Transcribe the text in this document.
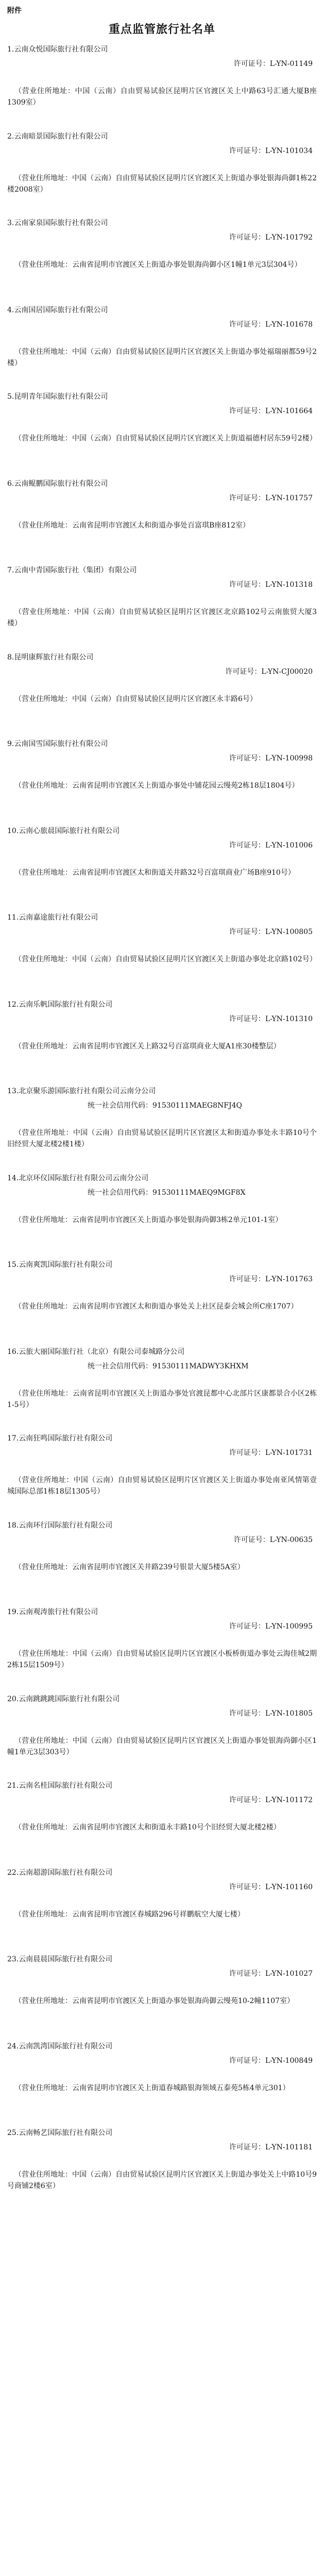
附件

重点监管旅行社名单

1.云南众悦国际旅行社有限公司

许可证号：L-YN-01149

（营业住所地址：中国（云南）自由贸易试验区昆明片区官渡区关上中路63号汇通大厦B座1309室）

2.云南暗景国际旅行社有限公司

许可证号：L-YN-101034

（营业住所地址：中国（云南）自由贸易试验区昆明片区官渡区关上街道办事处银海尚御1栋22楼2008室）

3.云南家泉国际旅行社有限公司

许可证号：L-YN-101792

（营业住所地址：云南省昆明市官渡区关上街道办事处银海尚御小区1幢1单元3层304号）

4.云南国居国际旅行社有限公司

许可证号：L-YN-101678

（营业住所地址：中国（云南）自由贸易试验区昆明片区官渡区关上街道办事处福瑞丽都59号2楼）

5.昆明青年国际旅行社有限公司

许可证号：L-YN-101664

（营业住所地址：中国（云南）自由贸易试验区昆明片区官渡区关上街道福德村居东59号2楼）

6.云南鲲鹏国际旅行社有限公司

许可证号：L-YN-101757

（营业住所地址：云南省昆明市官渡区太和街道办事处百富琪B座812室）

7.云南中青国际旅行社（集团）有限公司

许可证号：L-YN-101318

（营业住所地址：中国（云南）自由贸易试验区昆明片区官渡区北京路102号云南旅贸大厦3楼）

8.昆明康辉旅行社有限公司

许可证号：L-YN-CJ00020

（营业住所地址：中国（云南）自由贸易试验区昆明片区官渡区永丰路6号）

9.云南国雪国际旅行社有限公司

许可证号：L-YN-100998

（营业住所地址：云南省昆明市官渡区关上街道办事处中铺花园云缦苑2栋18层1804号）

10.云南心旅晨国际旅行社有限公司

许可证号：L-YN-101006

（营业住所地址：云南省昆明市官渡区太和街道关井路32号百富琪商业广场B座910号）

11.云南嘉途旅行社有限公司

许可证号：L-YN-100805

（营业住所地址：中国（云南）自由贸易试验区昆明片区官渡区关上街道办事处北京路102号）

12.云南乐帆国际旅行社有限公司

许可证号：L-YN-101310

（营业住所地址：云南省昆明市官渡区关上路32号百富琪商业大厦A1座30楼整层）

13.北京聚乐游国际旅行社有限公司云南分公司

统一社会信用代码：91530111MAEG8NFJ4Q

（营业住所地址：中国（云南）自由贸易试验区昆明片区官渡区太和街道办事处永丰路10号个旧经贸大厦北楼2楼1楼）

14.北京环仪国际旅行社有限公司云南分公司

统一社会信用代码：91530111MAEQ9MGF8X

（营业住所地址：云南省昆明市官渡区关上街道办事处银海尚御3栋2单元101-1室）

15.云南爽凯国际旅行社有限公司

许可证号：L-YN-101763

（营业住所地址：云南省昆明市官渡区太和街道办事处关上社区昆泰会城会所C座1707）

16.云旅大丽国际旅行社（北京）有限公司泰城路分公司

统一社会信用代码：91530111MADWY3KHXM

（营业住所地址：云南省昆明市官渡区关上街道办事处官渡昆都中心北部片区康都景合小区2栋1-5号）

17.云南狂鸣国际旅行社有限公司

许可证号：L-YN-101731

（营业住所地址：中国（云南）自由贸易试验区昆明片区官渡区关上街道办事处南亚风情第壹城国际总部1栋18层1305号）

18.云南环行国际旅行社有限公司

许可证号：L-YN-00635

（营业住所地址：云南省昆明市官渡区关井路239号银景大厦5楼5A室）

19.云南观涛旅行社有限公司

许可证号：L-YN-100995

（营业住所地址：中国（云南）自由贸易试验区昆明片区官渡区小板桥街道办事处云海佳城2期2栋15层1509号）

20.云南跳跳跳国际旅行社有限公司

许可证号：L-YN-101805

（营业住所地址：中国（云南）自由贸易试验区昆明片区官渡区关上街道办事处银海尚御小区1幢1单元3层303号）

21.云南名桂国际旅行社有限公司

许可证号：L-YN-101172

（营业住所地址：云南省昆明市官渡区太和街道永丰路10号个旧经贸大厦北楼2楼）

22.云南超游国际旅行社有限公司

许可证号：L-YN-101160

（营业住所地址：云南省昆明市官渡区春城路296号祥鹏航空大厦七楼）

23.云南晨晨国际旅行社有限公司

许可证号：L-YN-101027

（营业住所地址：云南省昆明市官渡区关上街道办事处银海尚御云缦苑10-2幢1107室）

24.云南凯湾国际旅行社有限公司

许可证号：L-YN-100849

（营业住所地址：云南省昆明市官渡区关上街道春城路银海领域五泰苑5栋4单元301）

25.云南畅艺国际旅行社有限公司

许可证号：L-YN-101181

（营业住所地址：中国（云南）自由贸易试验区昆明片区官渡区关上街道办事处关上中路10号9号商铺2楼6室）
